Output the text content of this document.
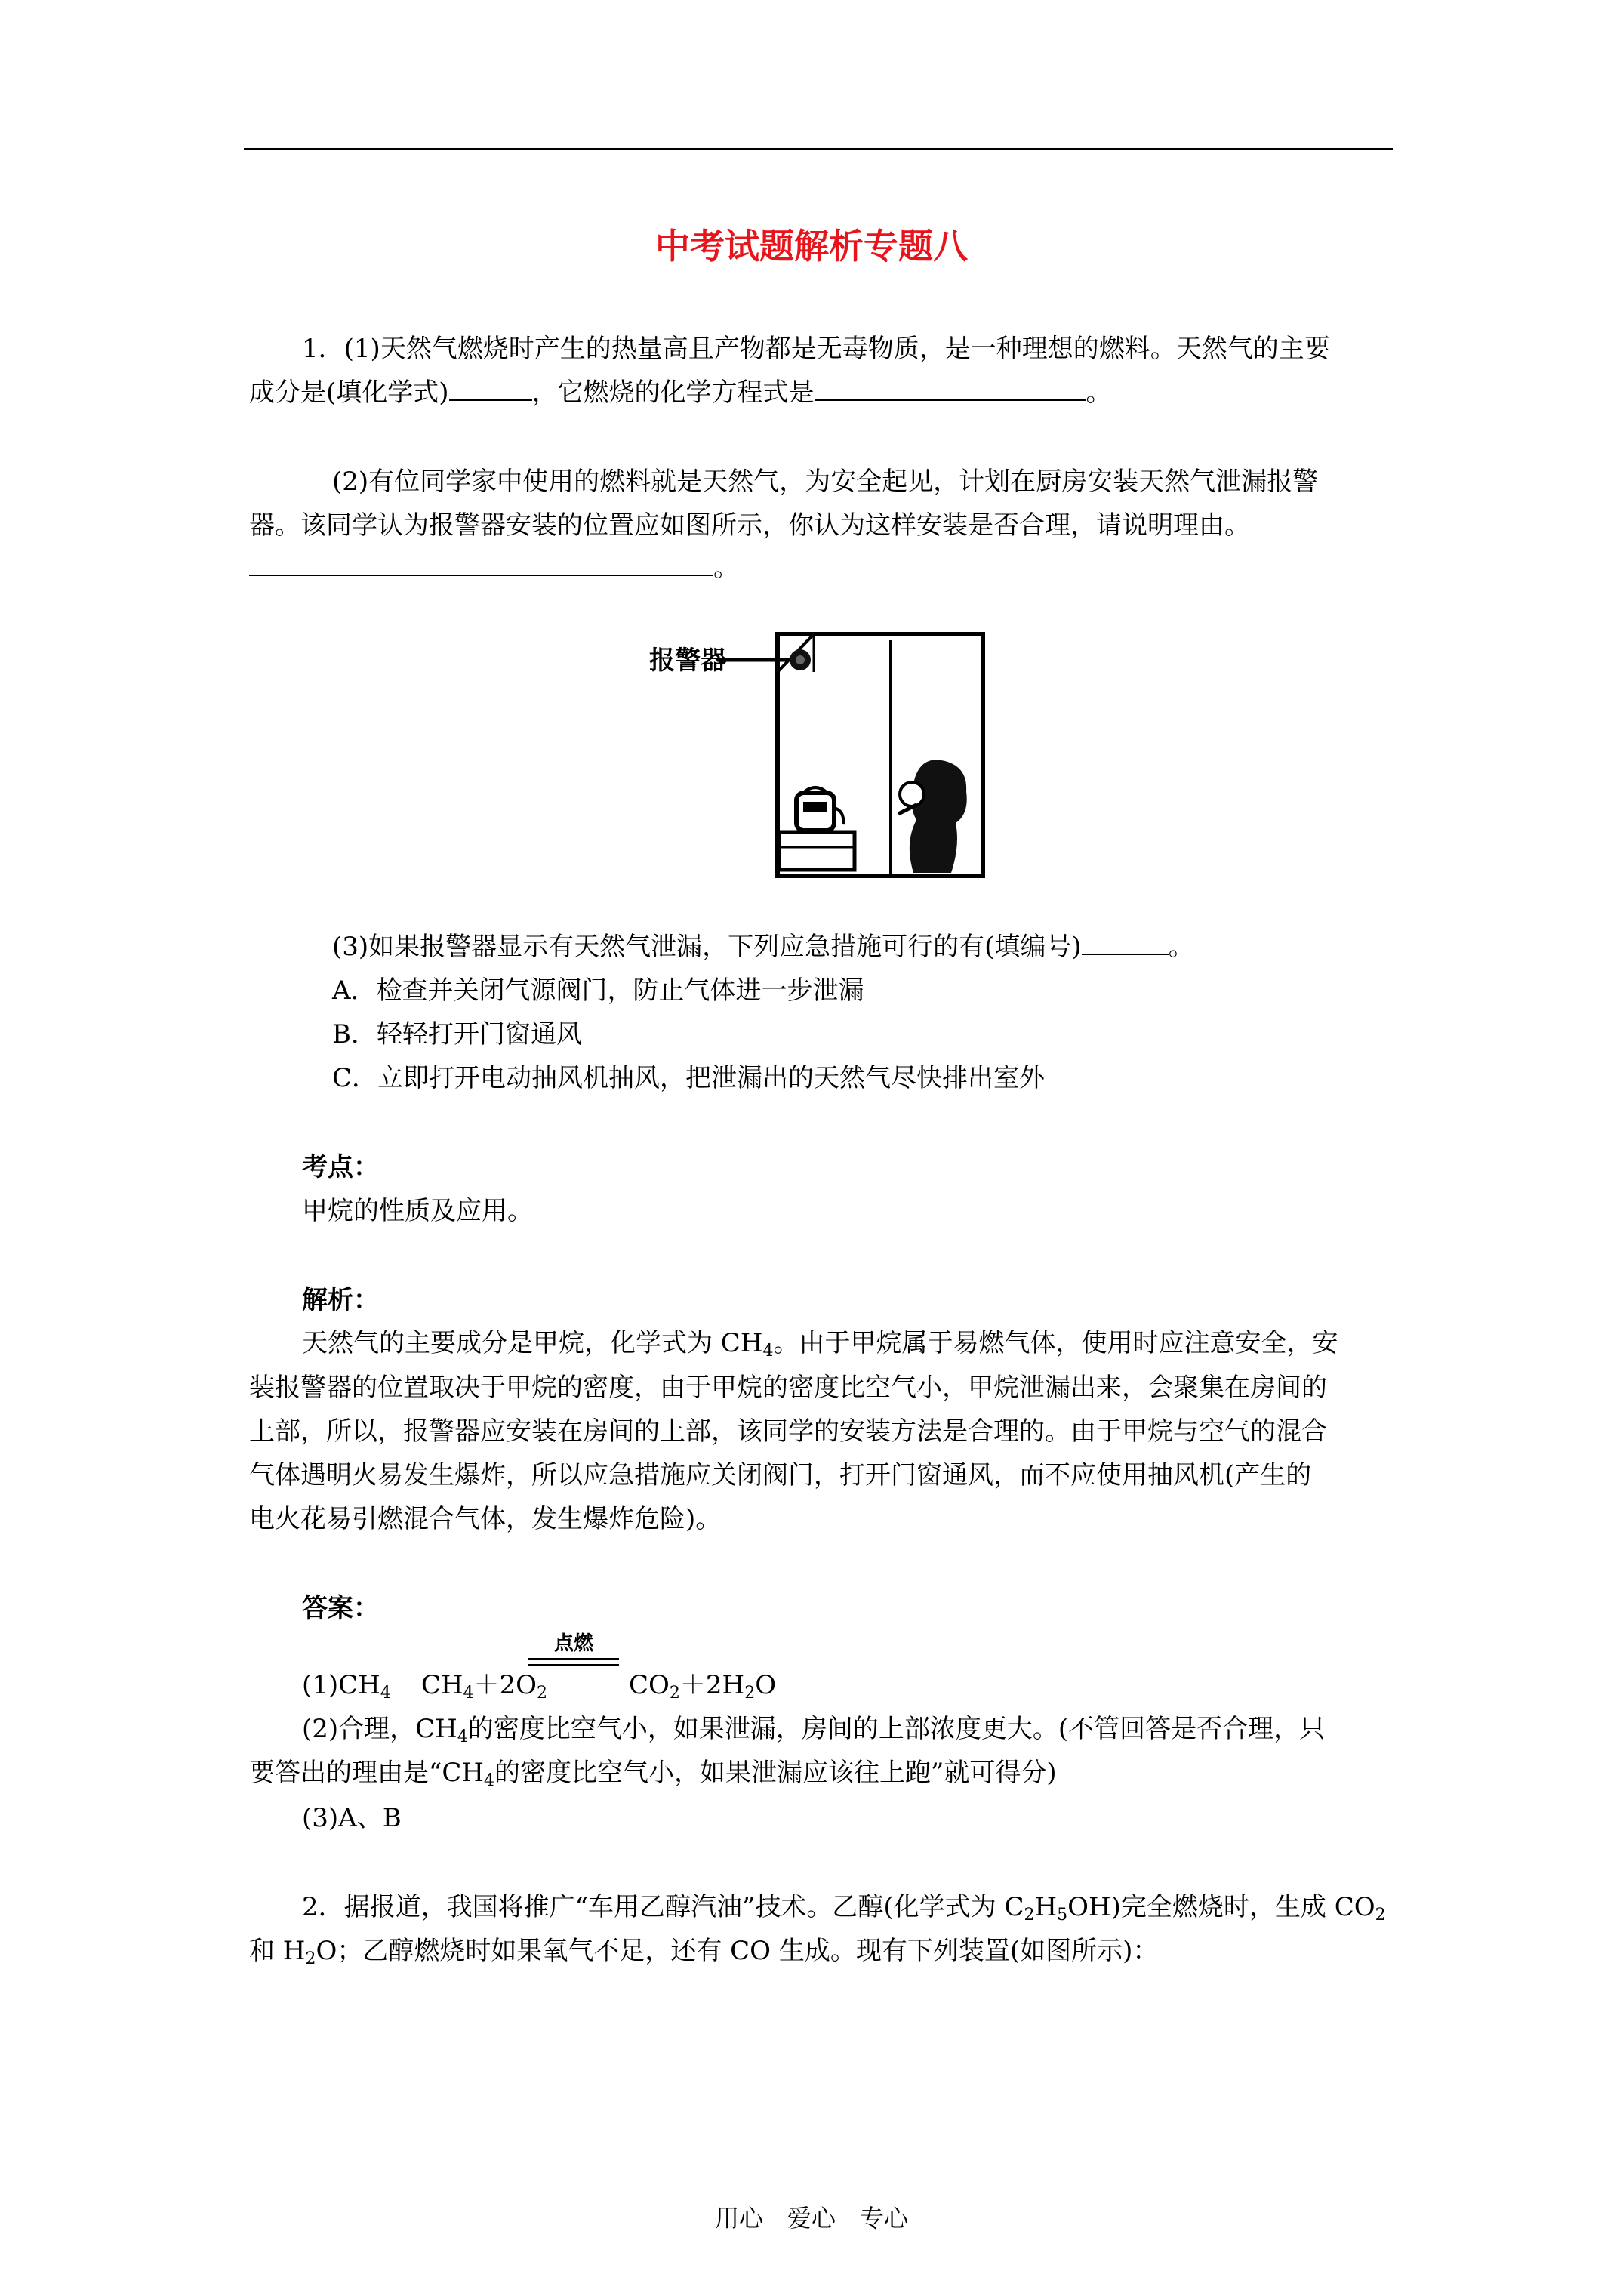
中考试题解析专题八
1．(1)天然气燃烧时产生的热量高且产物都是无毒物质，是一种理想的燃料。天然气的主要
成分是(填化学式)	，它燃烧的化学方程式是	。
(2)有位同学家中使用的燃料就是天然气，为安全起见，计划在厨房安装天然气泄漏报警
器。该同学认为报警器安装的位置应如图所示，你认为这样安装是否合理，请说明理由。
。
报警器
(3)如果报警器显示有天然气泄漏，下列应急措施可行的有(填编号)	。
A．检查并关闭气源阀门，防止气体进一步泄漏
B．轻轻打开门窗通风
C．立即打开电动抽风机抽风，把泄漏出的天然气尽快排出室外
考点：
甲烷的性质及应用。
解析：
天然气的主要成分是甲烷，化学式为 $CH_4$。由于甲烷属于易燃气体，使用时应注意安全，安
装报警器的位置取决于甲烷的密度，由于甲烷的密度比空气小，甲烷泄漏出来，会聚集在房间的
上部，所以，报警器应安装在房间的上部，该同学的安装方法是合理的。由于甲烷与空气的混合
气体遇明火易发生爆炸，所以应急措施应关闭阀门，打开门窗通风，而不应使用抽风机(产生的
电火花易引燃混合气体，发生爆炸危险)。
答案：
点燃
$(1)CH_4$ $CH_4+2O_2$	$CO_2+2H_2O$
(2)合理，$CH_4$的密度比空气小，如果泄漏，房间的上部浓度更大。(不管回答是否合理，只
要答出的理由是“$CH_4$的密度比空气小，如果泄漏应该往上跑”就可得分)
(3)A、B
2．据报道，我国将推广“车用乙醇汽油”技术。乙醇(化学式为 $C_2H_5OH$)完全燃烧时，生成 $CO_2$
和 $H_2O$；乙醇燃烧时如果氧气不足，还有 CO 生成。现有下列装置(如图所示)：
用心　爱心　专心
